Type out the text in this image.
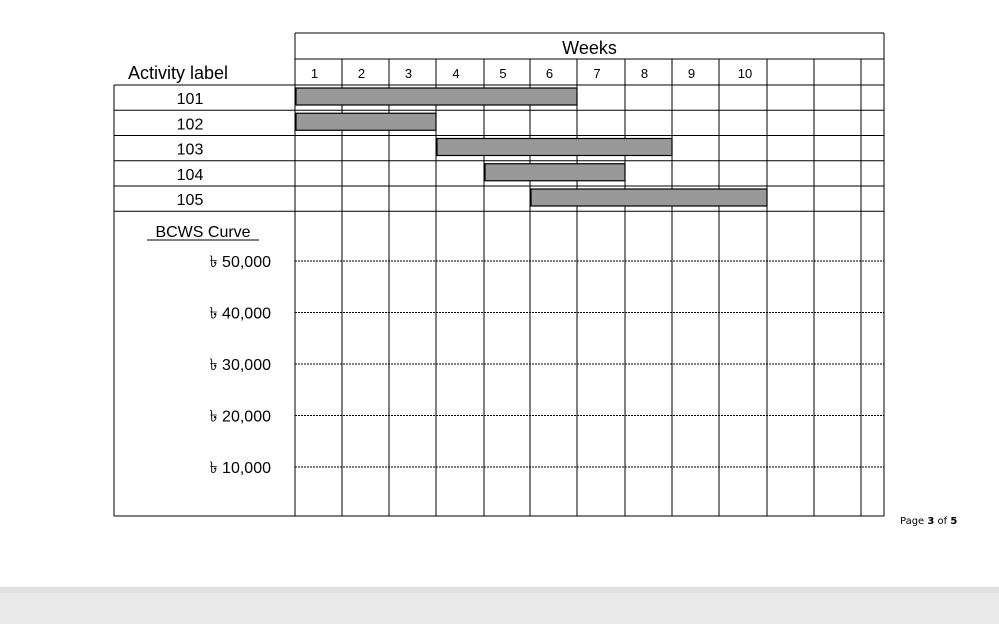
Weeks
Activity label	1	2	3	4	5	6	7	8	9	10
101
102
103
104
105
BCWS Curve
৳ 50,000
৳ 40,000
৳ 30,000
৳ 20,000
৳ 10,000
Page 3 of 5
